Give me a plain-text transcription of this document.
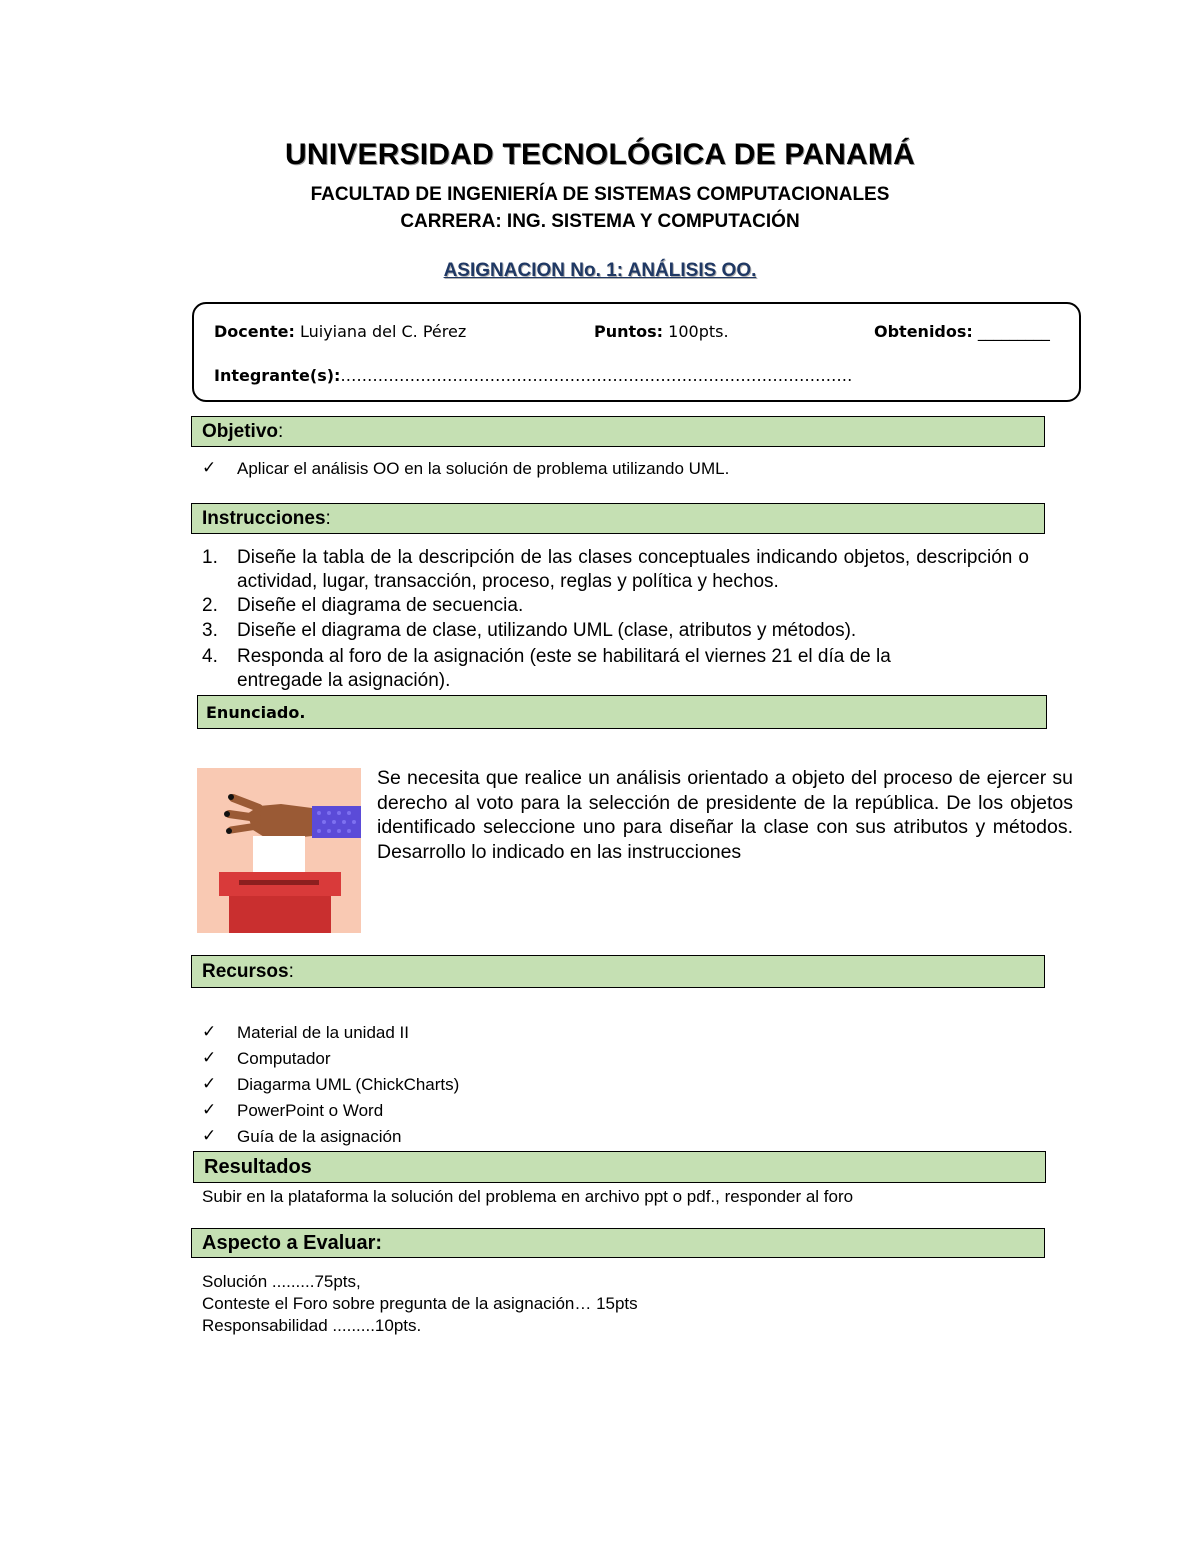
UNIVERSIDAD TECNOLÓGICA DE PANAMÁ
FACULTAD DE INGENIERÍA DE SISTEMAS COMPUTACIONALES
CARRERA: ING. SISTEMA Y COMPUTACIÓN
ASIGNACION No. 1: ANÁLISIS OO.
Docente: Luiyiana del C. Pérez	Puntos: 100pts.	Obtenidos: _________
Integrante(s):……………………………………………………………………………………
Objetivo :
✓ Aplicar el análisis OO en la solución de problema utilizando UML.
Instrucciones :
1. Diseñe la tabla de la descripción de las clases conceptuales indicando objetos, descripción o actividad, lugar, transacción, proceso, reglas y política y hechos.
2. Diseñe el diagrama de secuencia.
3. Diseñe el diagrama de clase, utilizando UML (clase, atributos y métodos).
4. Responda al foro de la asignación (este se habilitará el viernes 21 el día de la entregade la asignación).
Enunciado.
Se necesita que realice un análisis orientado a objeto del proceso de ejercer su derecho al voto para la selección de presidente de la república. De los objetos identificado seleccione uno para diseñar la clase con sus atributos y métodos. Desarrollo lo indicado en las instrucciones
Recursos :
✓ Material de la unidad II
✓ Computador
✓ Diagarma UML (ChickCharts)
✓ PowerPoint o Word
✓ Guía de la asignación
Resultados
Subir en la plataforma la solución del problema en archivo ppt o pdf., responder al foro
Aspecto a Evaluar:
Solución .........75pts,
Conteste el Foro sobre pregunta de la asignación… 15pts
Responsabilidad .........10pts.
